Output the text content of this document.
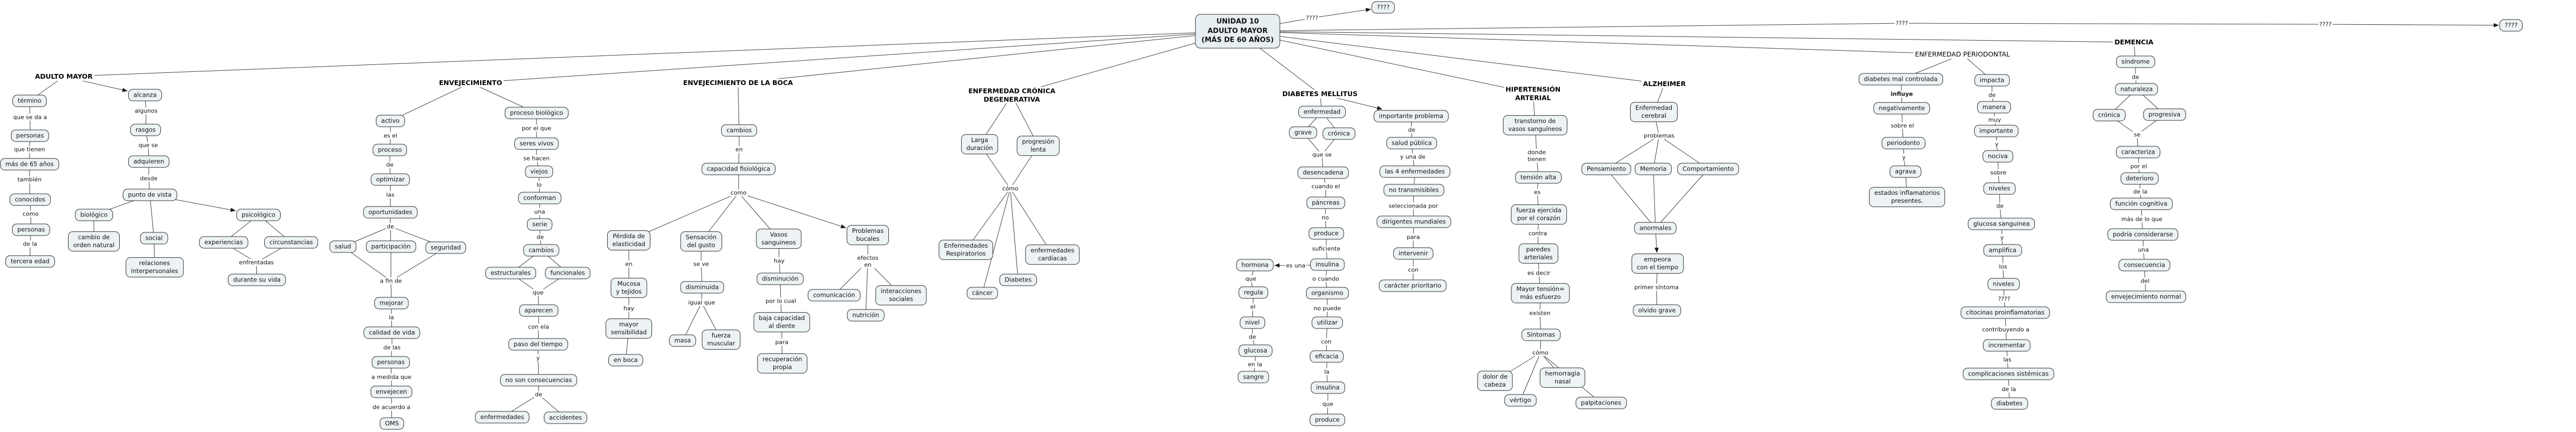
UNIDAD 10
ADULTO MAYOR
(MÁS DE 60 AÑOS)
????
????
????
????	????
ADULTO MAYOR
ENVEJECIMIENTO	ENVEJECIMIENTO DE LA BOCA
ENFERMEDAD CRÓNICA
DEGENERATIVA
DIABETES MELLITUS
HIPERTENSIÓN
ARTERIAL
ALZHEIMER
ENFERMEDAD PERIODONTAL
DEMENCIA
término
que se da a
personas
que tienen
más de 65 años
también
conocidos
como
personas
de la
tercera edad
alcanza
algunos
rasgos
que se
adquieren
desde
punto de vista
biológico
cambio de
orden natural
social
relaciones
interpersonales
psicológico
experiencias	circunstancias
enfrentadas
durante su vida
activo
es el
proceso
de
optimizar
las
oportunidades
de
salud	participación	seguridad
a fin de
mejorar
la
calidad de vida
de las
personas
a medida que
envejecen
de acuerdo a
OMS
proceso biológico
por el que
seres vivos
se hacen
viejos
lo
conforman
una
serie
de
cambios
estructurales	funcionales
que
aparecen
con ela
paso del tiempo
y
no son consecuencias
de
enfermedades	accidentes
cambios
en
capacidad fisiológica
como
Pérdida de
elasticidad
en
Mucosa
y tejidos
hay
mayor
sensibilidad
en boca
Sensación
del gusto
se ve
disminuida
igual que
masa
fuerza
muscular
Vasos
sanguineos
hay
disminución
por lo cual
baja capacidad
al diente
para
recuperación
propia
Problemas
bucales
efectos
en
comunicación
nutrición
interacciones
sociales
Larga
duración
progresión
lenta
cómo
Enfermedades
Respiratorios
cáncer
Diabetes
enfermedades
cardíacas
enfermedad
grave	crónica
que se
desencadena
cuando el
páncreas
no
produce
suficiente
insulina
es una
hormona
que
regula
el
nivel
de
glucosa
en la
sangre
o cuando
organismo
no puede
utilizar
con
eficacia
la
insulina
que
produce
importante problema
de
salud pública
y una de
las 4 enfermedades
no transmisibles
seleccionada por
dirigentes mundiales
para
intervenir
con
carácter prioritario
transtorno de
vasos sanguíneos
donde
tienen
tensión alta
es
fuerza ejercida
por el corazón
contra
paredes
arteriales
es decir
Mayor tensión=
más esfuerzo
existen
Síntomas
cómo
dolor de
cabeza
vértigo
hemorragia
nasal
palpitaciones
Enfermedad
cerebral
problemas
Pensamiento	Memoria	Comportamiento
anormales
empeora
con el tiempo
primer síntoma
olvido grave
diabetes mal controlada
influye
negativamente
sobre el
periodonto
y
agrava
estados inflamatorios
presentes.
impacta
de
manera
muy
importante
y
nociva
sobre
niveles
de
glucosa sanguinea
y
amplifica
los
niveles
????
citocinas proinflamatorias
contribuyendo a
incrementar
las
complicaciones sistémicas
de la
diabetes
síndrome
de
naturaleza
crónica	progresiva
se
caracteriza
por el
deterioro
de la
función cognitiva
más de lo que
podría considerarse
una
consecuencia
del
envejecimiento normal
